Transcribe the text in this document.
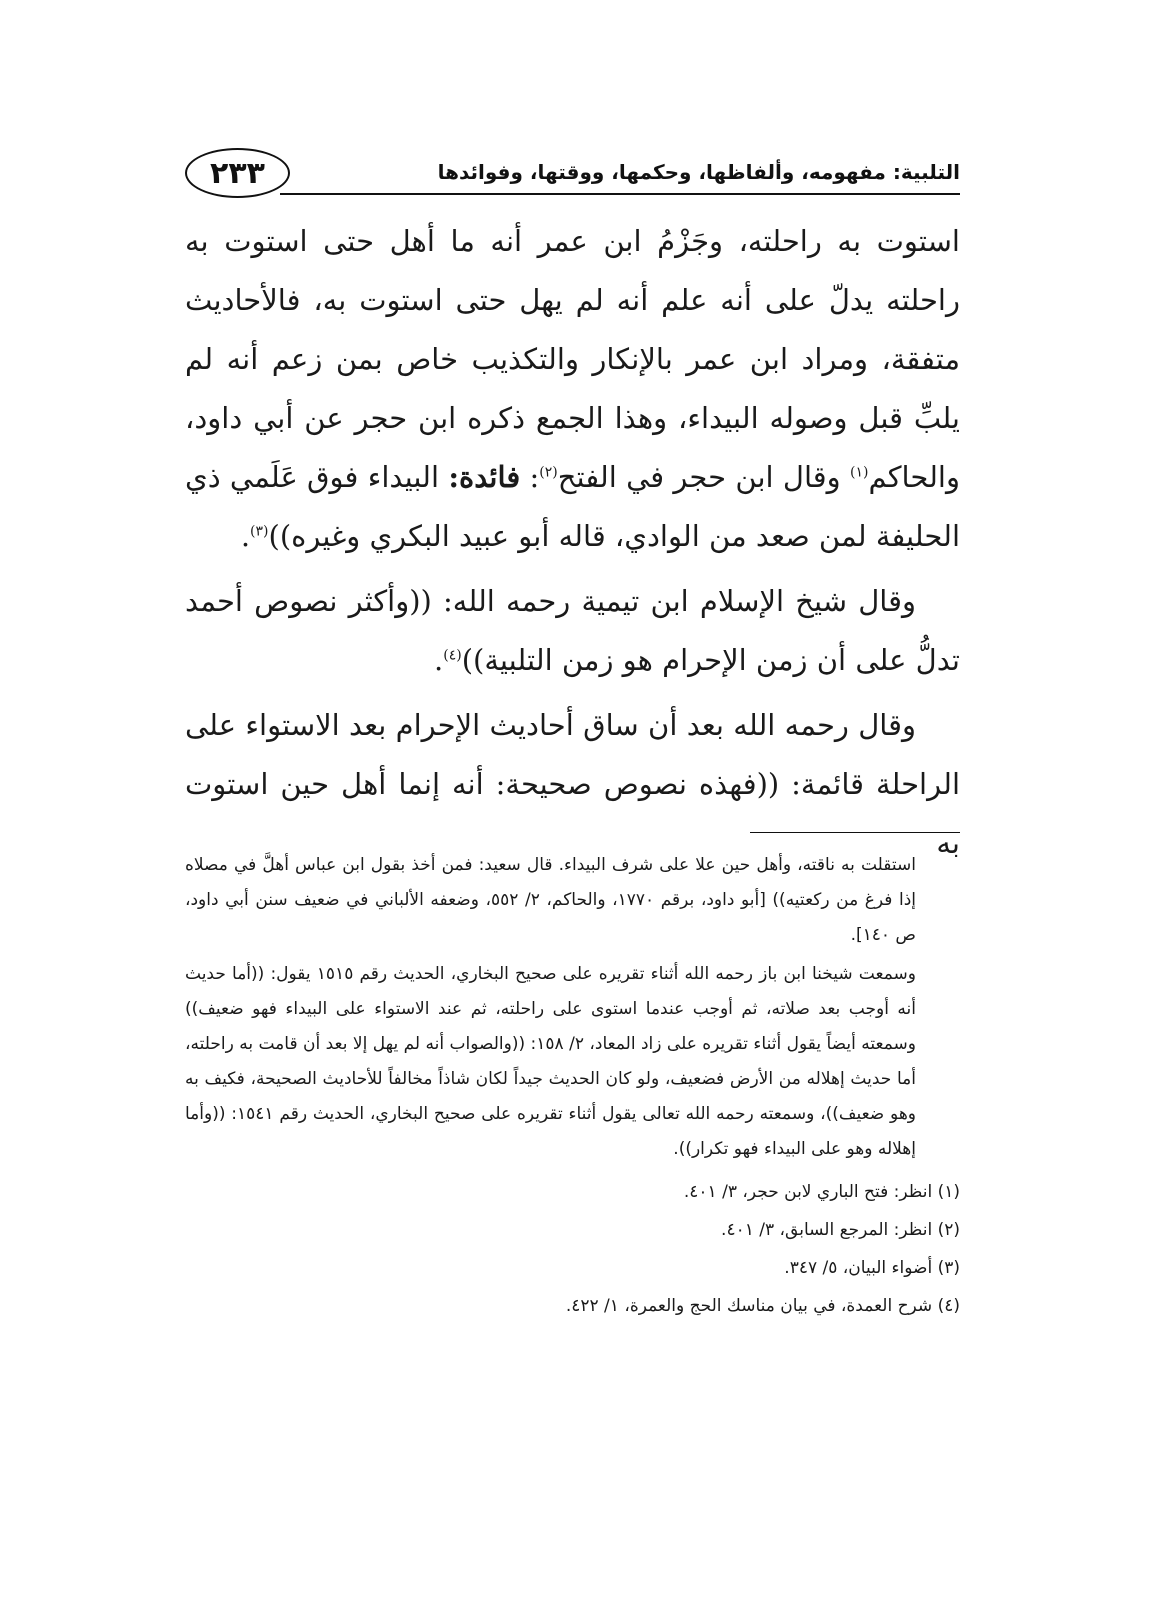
التلبية: مفهومه، وألفاظها، وحكمها، ووقتها، وفوائدها
٢٣٣

استوت به راحلته، وجَزْمُ ابن عمر أنه ما أهل حتى استوت به راحلته يدلّ على أنه علم أنه لم يهل حتى استوت به، فالأحاديث متفقة، ومراد ابن عمر بالإنكار والتكذيب خاص بمن زعم أنه لم يلبِّ قبل وصوله البيداء، وهذا الجمع ذكره ابن حجر عن أبي داود، والحاكم$^{(١)}$ وقال ابن حجر في الفتح$^{(٢)}$: فائدة: البيداء فوق عَلَمي ذي الحليفة لمن صعد من الوادي، قاله أبو عبيد البكري وغيره))$^{(٣)}$.

وقال شيخ الإسلام ابن تيمية رحمه الله: ((وأكثر نصوص أحمد تدلُّ على أن زمن الإحرام هو زمن التلبية))$^{(٤)}$.

وقال رحمه الله بعد أن ساق أحاديث الإحرام بعد الاستواء على الراحلة قائمة: ((فهذه نصوص صحيحة: أنه إنما أهل حين استوت به

استقلت به ناقته، وأهل حين علا على شرف البيداء. قال سعيد: فمن أخذ بقول ابن عباس أهلَّ في مصلاه إذا فرغ من ركعتيه)) [أبو داود، برقم ١٧٧٠، والحاكم، ٢/ ٥٥٢، وضعفه الألباني في ضعيف سنن أبي داود، ص ١٤٠].

وسمعت شيخنا ابن باز رحمه الله أثناء تقريره على صحيح البخاري، الحديث رقم ١٥١٥ يقول: ((أما حديث أنه أوجب بعد صلاته، ثم أوجب عندما استوى على راحلته، ثم عند الاستواء على البيداء فهو ضعيف)) وسمعته أيضاً يقول أثناء تقريره على زاد المعاد، ٢/ ١٥٨: ((والصواب أنه لم يهل إلا بعد أن قامت به راحلته، أما حديث إهلاله من الأرض فضعيف، ولو كان الحديث جيداً لكان شاذاً مخالفاً للأحاديث الصحيحة، فكيف به وهو ضعيف))، وسمعته رحمه الله تعالى يقول أثناء تقريره على صحيح البخاري، الحديث رقم ١٥٤١: ((وأما إهلاله وهو على البيداء فهو تكرار)).

(١) انظر: فتح الباري لابن حجر، ٣/ ٤٠١.

(٢) انظر: المرجع السابق، ٣/ ٤٠١.

(٣) أضواء البيان، ٥/ ٣٤٧.

(٤) شرح العمدة، في بيان مناسك الحج والعمرة، ١/ ٤٢٢.
